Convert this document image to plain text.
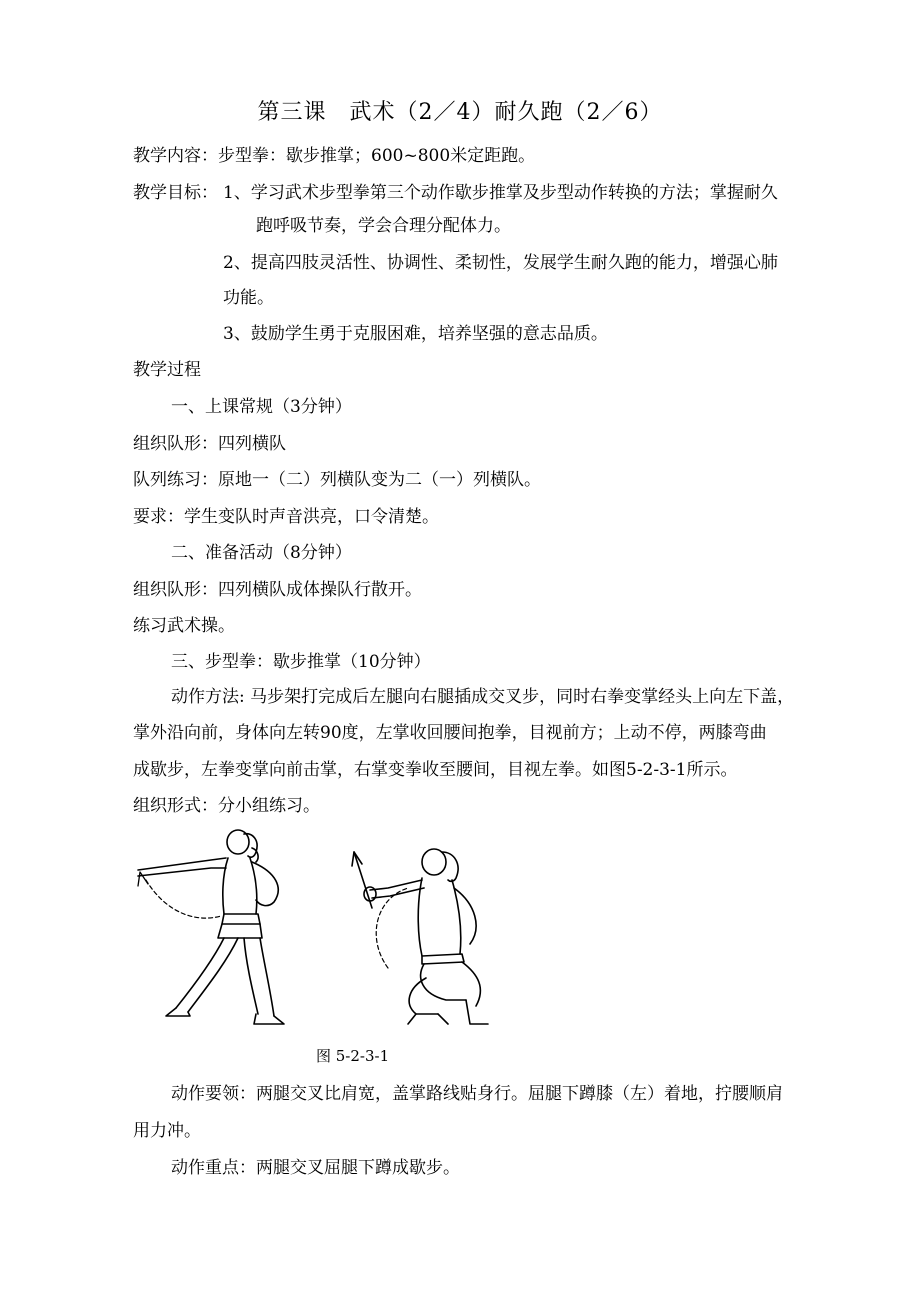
第三课　武术（2／4）耐久跑（2／6）
教学内容：步型拳：歇步推掌；600~800米定距跑。
教学目标： 1、学习武术步型拳第三个动作歇步推掌及步型动作转换的方法；掌握耐久
跑呼吸节奏，学会合理分配体力。
2、提高四肢灵活性、协调性、柔韧性，发展学生耐久跑的能力，增强心肺
功能。
3、鼓励学生勇于克服困难，培养坚强的意志品质。
教学过程
一、上课常规（3分钟）
组织队形：四列横队
队列练习：原地一（二）列横队变为二（一）列横队。
要求：学生变队时声音洪亮，口令清楚。
二、准备活动（8分钟）
组织队形：四列横队成体操队行散开。
练习武术操。
三、步型拳：歇步推掌（10分钟）
动作方法: 马步架打完成后左腿向右腿插成交叉步，同时右拳变掌经头上向左下盖，
掌外沿向前，身体向左转90度，左掌收回腰间抱拳，目视前方；上动不停，两膝弯曲
成歇步，左拳变掌向前击掌，右掌变拳收至腰间，目视左拳。如图5-2-3-1所示。
组织形式：分小组练习。
图 5-2-3-1
动作要领：两腿交叉比肩宽，盖掌路线贴身行。屈腿下蹲膝（左）着地，拧腰顺肩
用力冲。
动作重点：两腿交叉屈腿下蹲成歇步。
